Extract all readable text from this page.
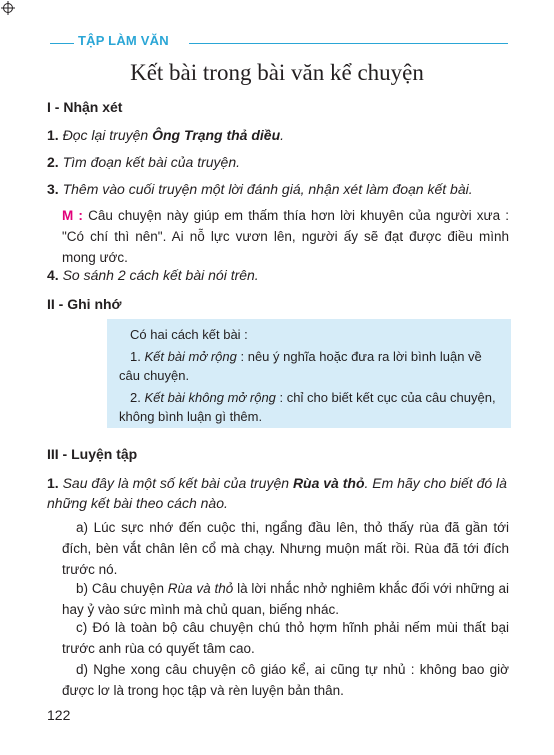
TẬP LÀM VĂN
Kết bài trong bài văn kể chuyện
I - Nhận xét
1. Đọc lại truyện Ông Trạng thả diều.
2. Tìm đoạn kết bài của truyện.
3. Thêm vào cuối truyện một lời đánh giá, nhận xét làm đoạn kết bài.
M : Câu chuyện này giúp em thấm thía hơn lời khuyên của người xưa : "Có chí thì nên". Ai nỗ lực vươn lên, người ấy sẽ đạt được điều mình mong ước.
4. So sánh 2 cách kết bài nói trên.
II - Ghi nhớ

Có hai cách kết bài :

1. Kết bài mở rộng : nêu ý nghĩa hoặc đưa ra lời bình luận về câu chuyện.

2. Kết bài không mở rộng : chỉ cho biết kết cục của câu chuyện, không bình luận gì thêm.

III - Luyện tập
1. Sau đây là một số kết bài của truyện Rùa và thỏ. Em hãy cho biết đó là những kết bài theo cách nào.
a) Lúc sực nhớ đến cuộc thi, ngẩng đầu lên, thỏ thấy rùa đã gần tới đích, bèn vắt chân lên cổ mà chạy. Nhưng muộn mất rồi. Rùa đã tới đích trước nó.
b) Câu chuyện Rùa và thỏ là lời nhắc nhở nghiêm khắc đối với những ai hay ỷ vào sức mình mà chủ quan, biếng nhác.
c) Đó là toàn bộ câu chuyện chú thỏ hợm hĩnh phải nếm mùi thất bại trước anh rùa có quyết tâm cao.
d) Nghe xong câu chuyện cô giáo kể, ai cũng tự nhủ : không bao giờ được lơ là trong học tập và rèn luyện bản thân.
122
